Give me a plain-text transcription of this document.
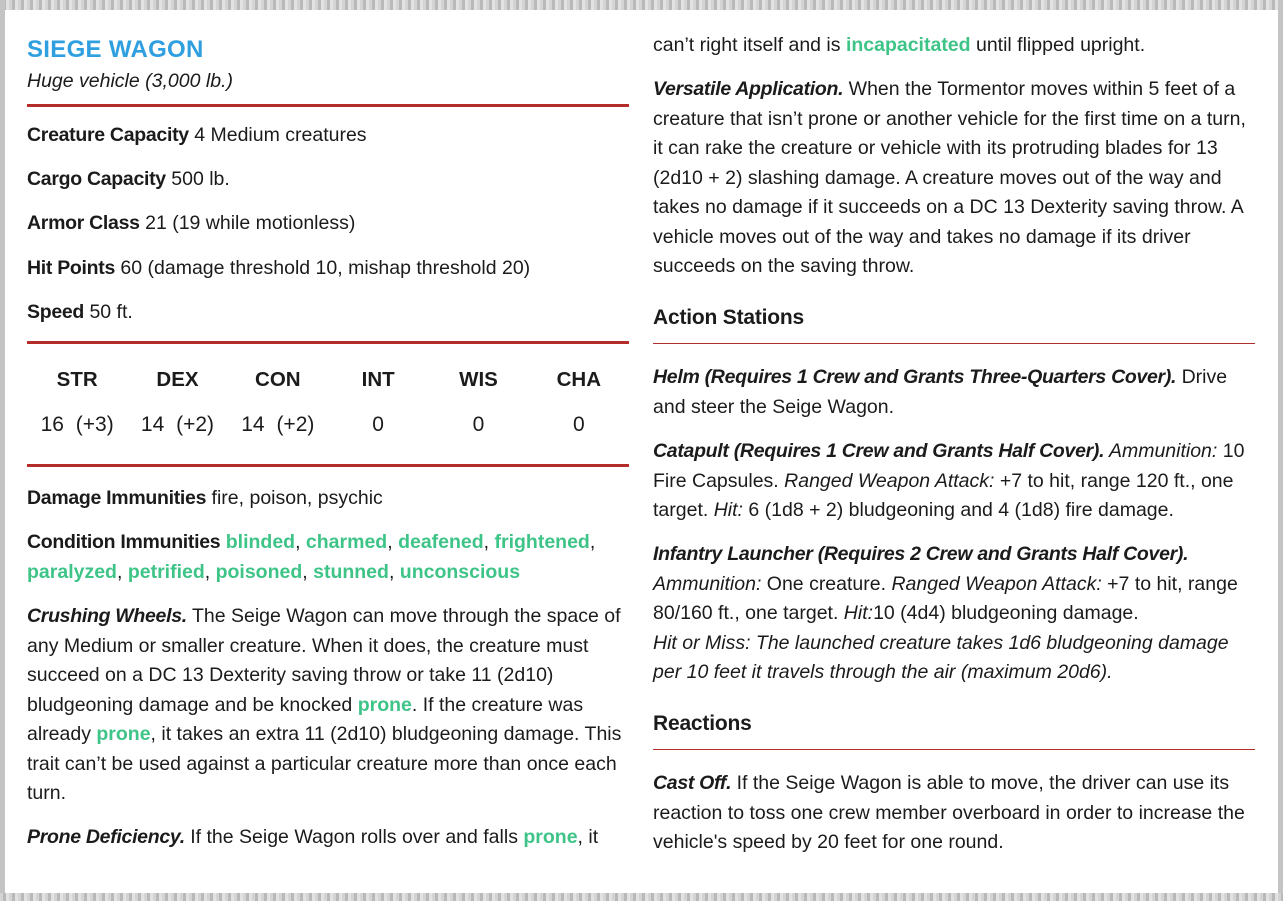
SIEGE WAGON
Huge vehicle (3,000 lb.)
Creature Capacity 4 Medium creatures
Cargo Capacity 500 lb.
Armor Class 21 (19 while motionless)
Hit Points 60 (damage threshold 10, mishap threshold 20)
Speed 50 ft.
STR	DEX	CON	INT	WIS	CHA
16 (+3)	14 (+2)	14 (+2)	0	0	0
Damage Immunities fire, poison, psychic
Condition Immunities blinded, charmed, deafened, frightened,
paralyzed, petrified, poisoned, stunned, unconscious
Crushing Wheels. The Seige Wagon can move through the space of any Medium or smaller creature. When it does, the creature must succeed on a DC 13 Dexterity saving throw or take 11 (2d10) bludgeoning damage and be knocked prone. If the creature was already prone, it takes an extra 11 (2d10) bludgeoning damage. This trait can’t be used against a particular creature more than once each turn.
Prone Deficiency. If the Seige Wagon rolls over and falls prone, it
can’t right itself and is incapacitated until flipped upright.
Versatile Application. When the Tormentor moves within 5 feet of a creature that isn’t prone or another vehicle for the first time on a turn, it can rake the creature or vehicle with its protruding blades for 13 (2d10 + 2) slashing damage. A creature moves out of the way and takes no damage if it succeeds on a DC 13 Dexterity saving throw. A vehicle moves out of the way and takes no damage if its driver succeeds on the saving throw.
Action Stations
Helm (Requires 1 Crew and Grants Three-Quarters Cover). Drive and steer the Seige Wagon.
Catapult (Requires 1 Crew and Grants Half Cover). Ammunition: 10 Fire Capsules. Ranged Weapon Attack: +7 to hit, range 120 ft., one target. Hit: 6 (1d8 + 2) bludgeoning and 4 (1d8) fire damage.
Infantry Launcher (Requires 2 Crew and Grants Half Cover).
Ammunition: One creature. Ranged Weapon Attack: +7 to hit, range 80/160 ft., one target. Hit:10 (4d4) bludgeoning damage.
Hit or Miss: The launched creature takes 1d6 bludgeoning damage per 10 feet it travels through the air (maximum 20d6).
Reactions
Cast Off. If the Seige Wagon is able to move, the driver can use its reaction to toss one crew member overboard in order to increase the vehicle's speed by 20 feet for one round.
